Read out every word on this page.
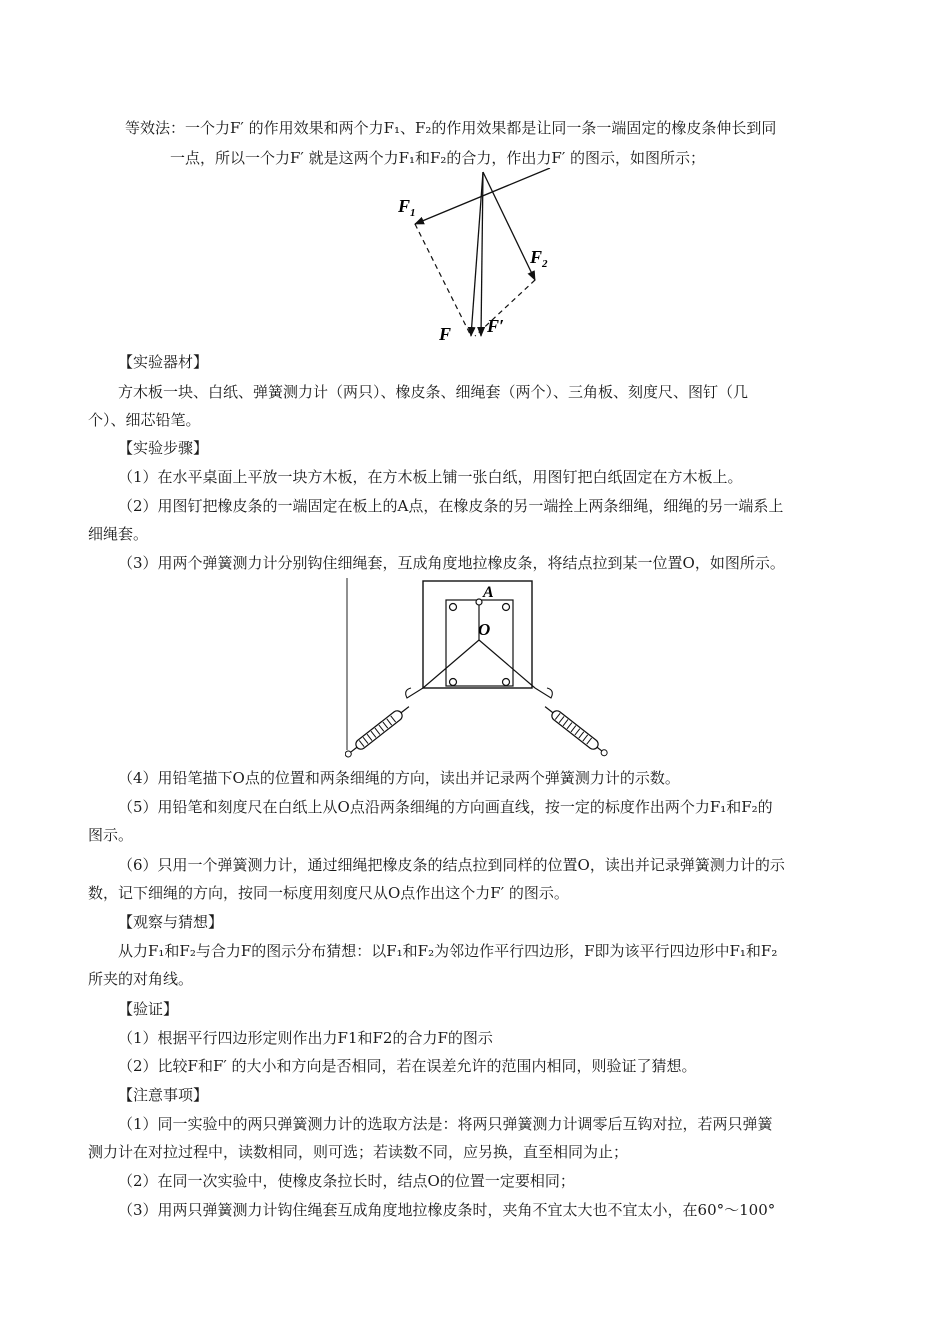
等效法：一个力F′ 的作用效果和两个力F₁、F₂的作用效果都是让同一条一端固定的橡皮条伸长到同
一点，所以一个力F′ 就是这两个力F₁和F₂的合力，作出力F′ 的图示，如图所示；
$F_1$
$F_2$
F F′
【实验器材】
方木板一块、白纸、弹簧测力计（两只）、橡皮条、细绳套（两个）、三角板、刻度尺、图钉（几
个）、细芯铅笔。
【实验步骤】
（1）在水平桌面上平放一块方木板，在方木板上铺一张白纸，用图钉把白纸固定在方木板上。
（2）用图钉把橡皮条的一端固定在板上的A点，在橡皮条的另一端拴上两条细绳，细绳的另一端系上
细绳套。
（3）用两个弹簧测力计分别钩住细绳套，互成角度地拉橡皮条，将结点拉到某一位置O，如图所示。
A
O
（4）用铅笔描下O点的位置和两条细绳的方向，读出并记录两个弹簧测力计的示数。
（5）用铅笔和刻度尺在白纸上从O点沿两条细绳的方向画直线，按一定的标度作出两个力F₁和F₂的
图示。
（6）只用一个弹簧测力计，通过细绳把橡皮条的结点拉到同样的位置O，读出并记录弹簧测力计的示
数，记下细绳的方向，按同一标度用刻度尺从O点作出这个力F′ 的图示。
【观察与猜想】
从力F₁和F₂与合力F的图示分布猜想：以F₁和F₂为邻边作平行四边形，F即为该平行四边形中F₁和F₂
所夹的对角线。
【验证】
（1）根据平行四边形定则作出力F1和F2的合力F的图示
（2）比较F和F′ 的大小和方向是否相同，若在误差允许的范围内相同，则验证了猜想。
【注意事项】
（1）同一实验中的两只弹簧测力计的选取方法是：将两只弹簧测力计调零后互钩对拉，若两只弹簧
测力计在对拉过程中，读数相同，则可选；若读数不同，应另换，直至相同为止；
（2）在同一次实验中，使橡皮条拉长时，结点O的位置一定要相同；
（3）用两只弹簧测力计钩住绳套互成角度地拉橡皮条时，夹角不宜太大也不宜太小，在60°～100°
